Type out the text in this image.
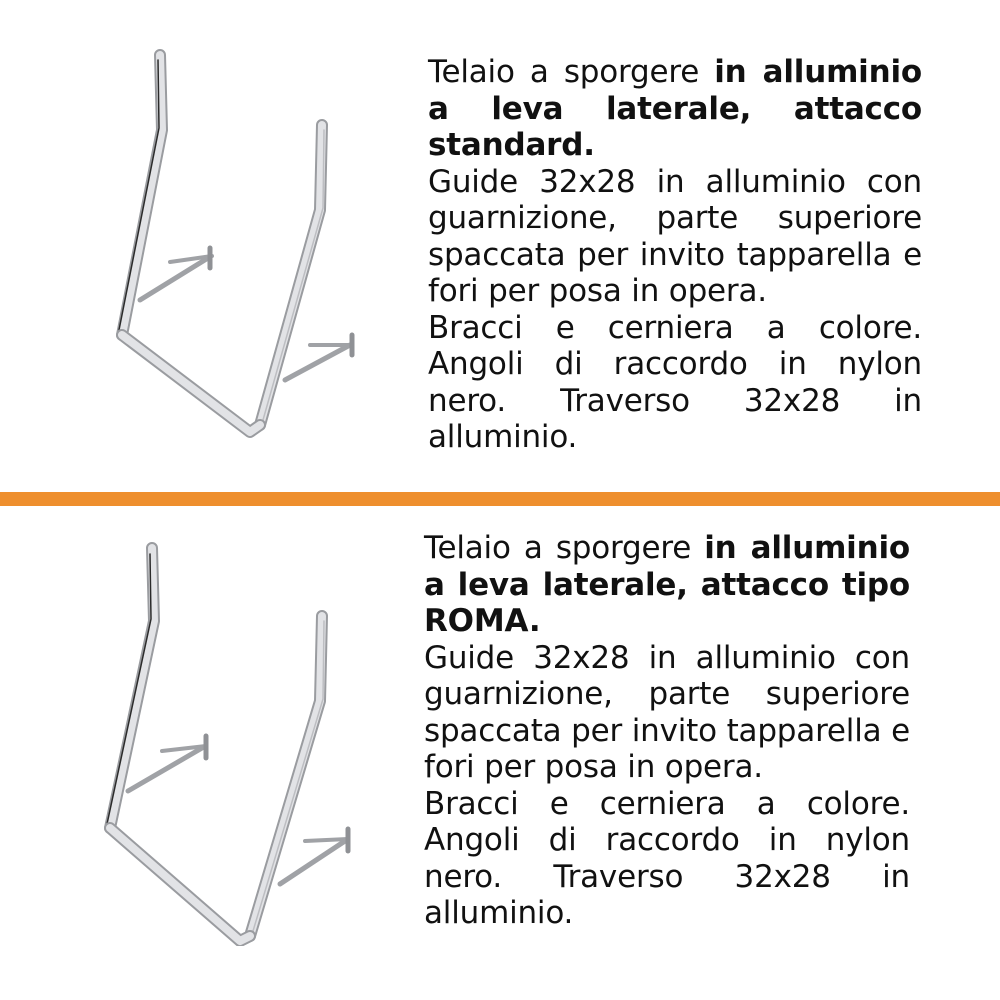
Telaio a sporgere in alluminio a leva laterale, attacco standard.

Guide 32x28 in alluminio con guarnizione, parte superiore spaccata per invito tapparella e fori per posa in opera.

Bracci e cerniera a colore. Angoli di raccordo in nylon nero. Traverso 32x28 in alluminio.

Telaio a sporgere in alluminio a leva laterale, attacco tipo ROMA.

Guide 32x28 in alluminio con guarnizione, parte superiore spaccata per invito tapparella e fori per posa in opera.

Bracci e cerniera a colore. Angoli di raccordo in nylon nero. Traverso 32x28 in alluminio.
